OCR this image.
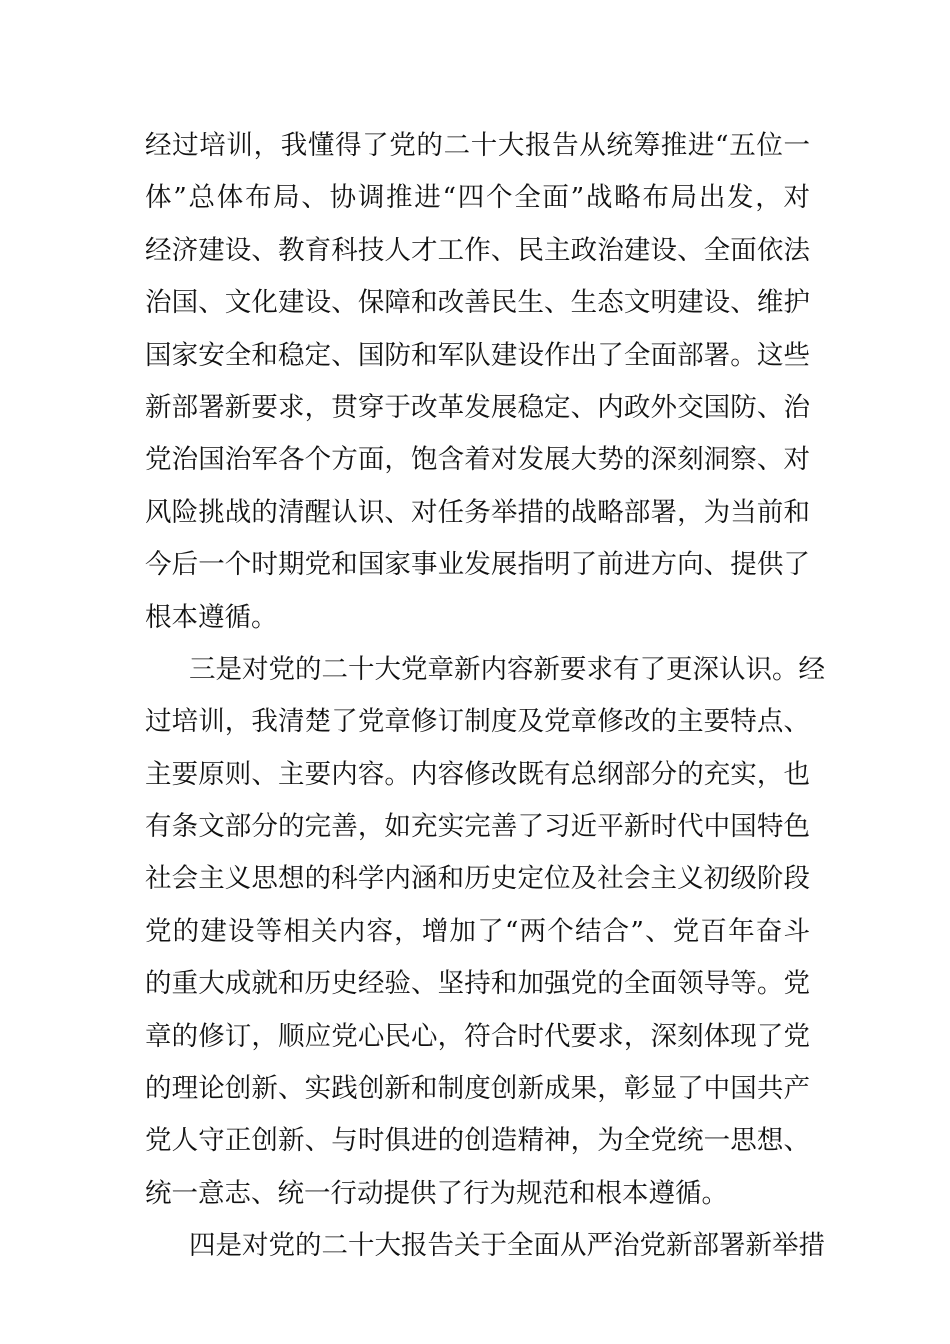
经过培训，我懂得了党的二十大报告从统筹推进“五位一
体”总体布局、协调推进“四个全面”战略布局出发，对
经济建设、教育科技人才工作、民主政治建设、全面依法
治国、文化建设、保障和改善民生、生态文明建设、维护
国家安全和稳定、国防和军队建设作出了全面部署。这些
新部署新要求，贯穿于改革发展稳定、内政外交国防、治
党治国治军各个方面，饱含着对发展大势的深刻洞察、对
风险挑战的清醒认识、对任务举措的战略部署，为当前和
今后一个时期党和国家事业发展指明了前进方向、提供了
根本遵循。
三是对党的二十大党章新内容新要求有了更深认识。经
过培训，我清楚了党章修订制度及党章修改的主要特点、
主要原则、主要内容。内容修改既有总纲部分的充实，也
有条文部分的完善，如充实完善了习近平新时代中国特色
社会主义思想的科学内涵和历史定位及社会主义初级阶段
党的建设等相关内容，增加了“两个结合”、党百年奋斗
的重大成就和历史经验、坚持和加强党的全面领导等。党
章的修订，顺应党心民心，符合时代要求，深刻体现了党
的理论创新、实践创新和制度创新成果，彰显了中国共产
党人守正创新、与时俱进的创造精神，为全党统一思想、
统一意志、统一行动提供了行为规范和根本遵循。
四是对党的二十大报告关于全面从严治党新部署新举措
